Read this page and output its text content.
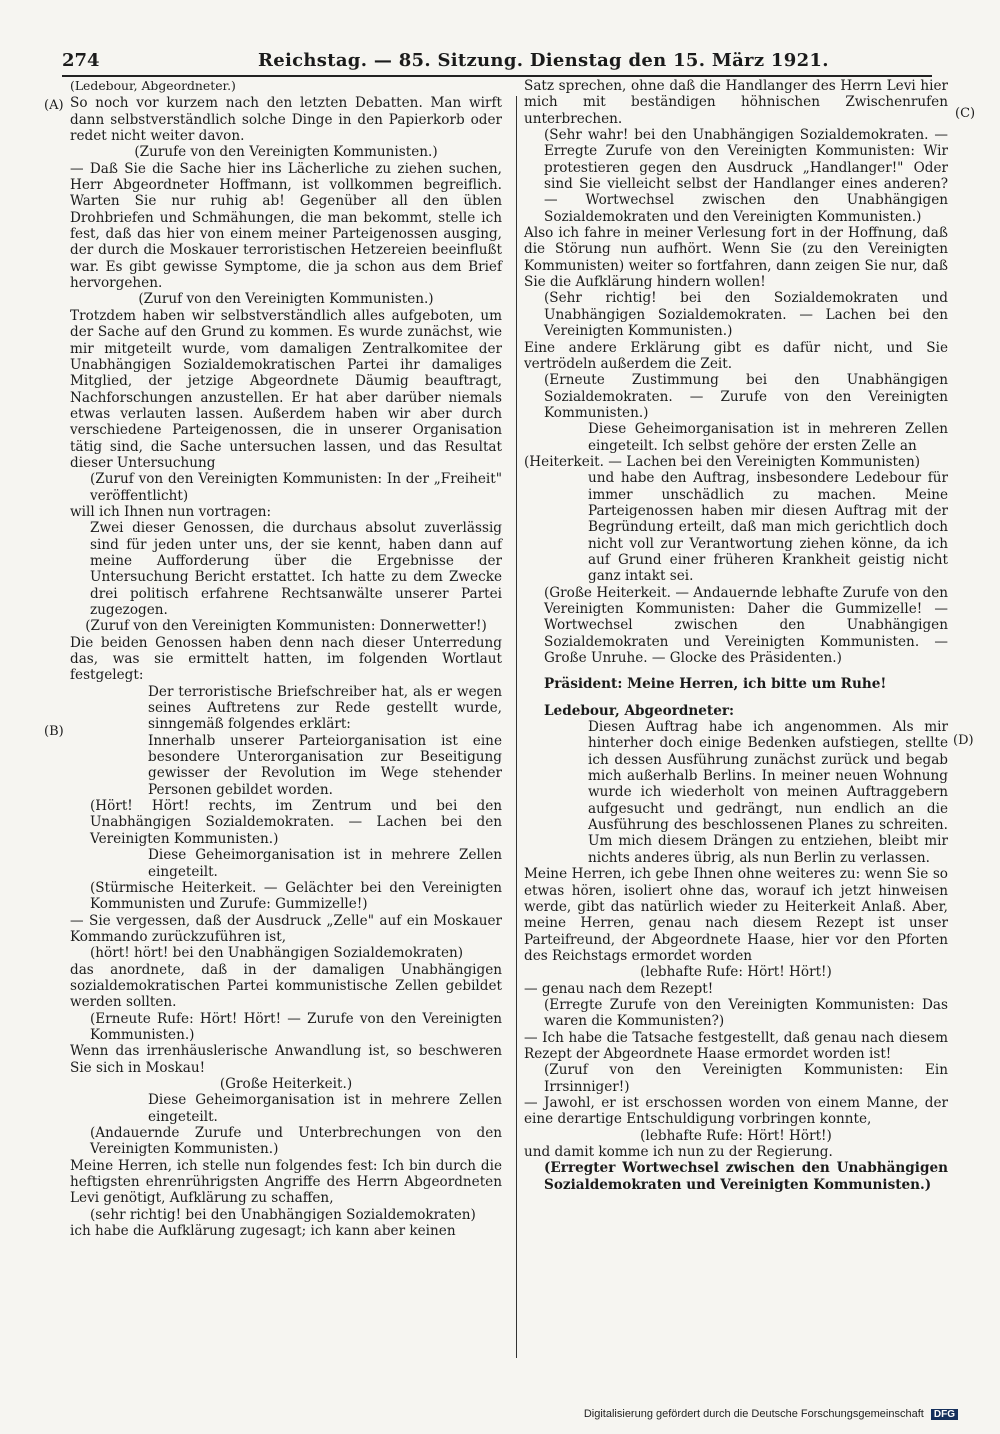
274	Reichstag. — 85. Sitzung. Dienstag den 15. März 1921.
(A)
(B)
(C)
(D)

(Ledebour, Abgeordneter.)

So noch vor kurzem nach den letzten Debatten. Man wirft dann selbstverständlich solche Dinge in den Papierkorb oder redet nicht weiter davon.

(Zurufe von den Vereinigten Kommunisten.)

— Daß Sie die Sache hier ins Lächerliche zu ziehen suchen, Herr Abgeordneter Hoffmann, ist vollkommen begreiflich. Warten Sie nur ruhig ab! Gegenüber all den üblen Drohbriefen und Schmähungen, die man bekommt, stelle ich fest, daß das hier von einem meiner Parteigenossen ausging, der durch die Moskauer terroristischen Hetzereien beeinflußt war. Es gibt gewisse Symptome, die ja schon aus dem Brief hervorgehen.

(Zuruf von den Vereinigten Kommunisten.)

Trotzdem haben wir selbstverständlich alles aufgeboten, um der Sache auf den Grund zu kommen. Es wurde zunächst, wie mir mitgeteilt wurde, vom damaligen Zentralkomitee der Unabhängigen Sozialdemokratischen Partei ihr damaliges Mitglied, der jetzige Abgeordnete Däumig beauftragt, Nachforschungen anzustellen. Er hat aber darüber niemals etwas verlauten lassen. Außerdem haben wir aber durch verschiedene Parteigenossen, die in unserer Organisation tätig sind, die Sache untersuchen lassen, und das Resultat dieser Untersuchung

(Zuruf von den Vereinigten Kommunisten: In der „Freiheit" veröffentlicht)

will ich Ihnen nun vortragen:

Zwei dieser Genossen, die durchaus absolut zuverlässig sind für jeden unter uns, der sie kennt, haben dann auf meine Aufforderung über die Ergebnisse der Untersuchung Bericht erstattet. Ich hatte zu dem Zwecke drei politisch erfahrene Rechtsanwälte unserer Partei zugezogen.

(Zuruf von den Vereinigten Kommunisten: Donnerwetter!)

Die beiden Genossen haben denn nach dieser Unterredung das, was sie ermittelt hatten, im folgenden Wortlaut festgelegt:

Der terroristische Briefschreiber hat, als er wegen seines Auftretens zur Rede gestellt wurde, sinngemäß folgendes erklärt:

Innerhalb unserer Parteiorganisation ist eine besondere Unterorganisation zur Beseitigung gewisser der Revolution im Wege stehender Personen gebildet worden.

(Hört! Hört! rechts, im Zentrum und bei den Unabhängigen Sozialdemokraten. — Lachen bei den Vereinigten Kommunisten.)

Diese Geheimorganisation ist in mehrere Zellen eingeteilt.

(Stürmische Heiterkeit. — Gelächter bei den Vereinigten Kommunisten und Zurufe: Gummizelle!)

— Sie vergessen, daß der Ausdruck „Zelle" auf ein Moskauer Kommando zurückzuführen ist,

(hört! hört! bei den Unabhängigen Sozialdemokraten)

das anordnete, daß in der damaligen Unabhängigen sozialdemokratischen Partei kommunistische Zellen gebildet werden sollten.

(Erneute Rufe: Hört! Hört! — Zurufe von den Vereinigten Kommunisten.)

Wenn das irrenhäuslerische Anwandlung ist, so beschweren Sie sich in Moskau!

(Große Heiterkeit.)

Diese Geheimorganisation ist in mehrere Zellen eingeteilt.

(Andauernde Zurufe und Unterbrechungen von den Vereinigten Kommunisten.)

Meine Herren, ich stelle nun folgendes fest: Ich bin durch die heftigsten ehrenrührigsten Angriffe des Herrn Abgeordneten Levi genötigt, Aufklärung zu schaffen,

(sehr richtig! bei den Unabhängigen Sozialdemokraten)

ich habe die Aufklärung zugesagt; ich kann aber keinen

Satz sprechen, ohne daß die Handlanger des Herrn Levi hier mich mit beständigen höhnischen Zwischenrufen unterbrechen.

(Sehr wahr! bei den Unabhängigen Sozialdemokraten. — Erregte Zurufe von den Vereinigten Kommunisten: Wir protestieren gegen den Ausdruck „Handlanger!" Oder sind Sie vielleicht selbst der Handlanger eines anderen? — Wortwechsel zwischen den Unabhängigen Sozialdemokraten und den Vereinigten Kommunisten.)

Also ich fahre in meiner Verlesung fort in der Hoffnung, daß die Störung nun aufhört. Wenn Sie (zu den Vereinigten Kommunisten) weiter so fortfahren, dann zeigen Sie nur, daß Sie die Aufklärung hindern wollen!

(Sehr richtig! bei den Sozialdemokraten und Unabhängigen Sozialdemokraten. — Lachen bei den Vereinigten Kommunisten.)

Eine andere Erklärung gibt es dafür nicht, und Sie vertrödeln außerdem die Zeit.

(Erneute Zustimmung bei den Unabhängigen Sozialdemokraten. — Zurufe von den Vereinigten Kommunisten.)

Diese Geheimorganisation ist in mehreren Zellen eingeteilt. Ich selbst gehöre der ersten Zelle an

(Heiterkeit. — Lachen bei den Vereinigten Kommunisten)

und habe den Auftrag, insbesondere Ledebour für immer unschädlich zu machen. Meine Parteigenossen haben mir diesen Auftrag mit der Begründung erteilt, daß man mich gerichtlich doch nicht voll zur Verantwortung ziehen könne, da ich auf Grund einer früheren Krankheit geistig nicht ganz intakt sei.

(Große Heiterkeit. — Andauernde lebhafte Zurufe von den Vereinigten Kommunisten: Daher die Gummizelle! — Wortwechsel zwischen den Unabhängigen Sozialdemokraten und Vereinigten Kommunisten. — Große Unruhe. — Glocke des Präsidenten.)

Präsident: Meine Herren, ich bitte um Ruhe!

Ledebour, Abgeordneter:

Diesen Auftrag habe ich angenommen. Als mir hinterher doch einige Bedenken aufstiegen, stellte ich dessen Ausführung zunächst zurück und begab mich außerhalb Berlins. In meiner neuen Wohnung wurde ich wiederholt von meinen Auftraggebern aufgesucht und gedrängt, nun endlich an die Ausführung des beschlossenen Planes zu schreiten. Um mich diesem Drängen zu entziehen, bleibt mir nichts anderes übrig, als nun Berlin zu verlassen.

Meine Herren, ich gebe Ihnen ohne weiteres zu: wenn Sie so etwas hören, isoliert ohne das, worauf ich jetzt hinweisen werde, gibt das natürlich wieder zu Heiterkeit Anlaß. Aber, meine Herren, genau nach diesem Rezept ist unser Parteifreund, der Abgeordnete Haase, hier vor den Pforten des Reichstags ermordet worden

(lebhafte Rufe: Hört! Hört!)

— genau nach dem Rezept!

(Erregte Zurufe von den Vereinigten Kommunisten: Das waren die Kommunisten?)

— Ich habe die Tatsache festgestellt, daß genau nach diesem Rezept der Abgeordnete Haase ermordet worden ist!

(Zuruf von den Vereinigten Kommunisten: Ein Irrsinniger!)

— Jawohl, er ist erschossen worden von einem Manne, der eine derartige Entschuldigung vorbringen konnte,

(lebhafte Rufe: Hört! Hört!)

und damit komme ich nun zu der Regierung.

(Erregter Wortwechsel zwischen den Unabhängigen Sozialdemokraten und Vereinigten Kommunisten.)

Digitalisierung gefördert durch die Deutsche Forschungsgemeinschaft DFG
